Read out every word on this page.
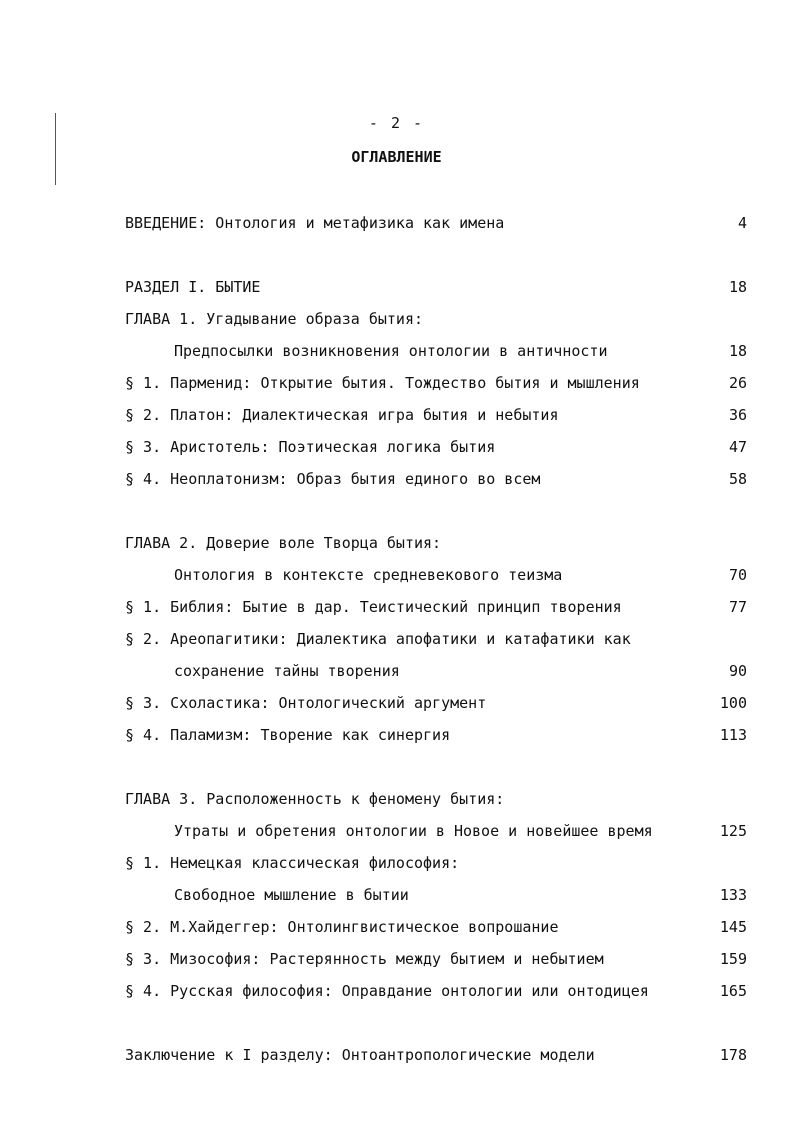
- 2 -
ОГЛАВЛЕНИЕ
ВВЕДЕНИЕ: Онтология и метафизика как имена	4
РАЗДЕЛ I. БЫТИЕ	18
ГЛАВА 1. Угадывание образа бытия:
Предпосылки возникновения онтологии в античности	18
§ 1. Парменид: Открытие бытия. Тождество бытия и мышления	26
§ 2. Платон: Диалектическая игра бытия и небытия	36
§ 3. Аристотель: Поэтическая логика бытия	47
§ 4. Неоплатонизм: Образ бытия единого во всем	58
ГЛАВА 2. Доверие воле Творца бытия:
Онтология в контексте средневекового теизма	70
§ 1. Библия: Бытие в дар. Теистический принцип творения	77
§ 2. Ареопагитики: Диалектика апофатики и катафатики как
сохранение тайны творения	90
§ 3. Схоластика: Онтологический аргумент	100
§ 4. Паламизм: Творение как синергия	113
ГЛАВА 3. Расположенность к феномену бытия:
Утраты и обретения онтологии в Новое и новейшее время	125
§ 1. Немецкая классическая философия:
Свободное мышление в бытии	133
§ 2. М.Хайдеггер: Онтолингвистическое вопрошание	145
§ 3. Мизософия: Растерянность между бытием и небытием	159
§ 4. Русская философия: Оправдание онтологии или онтодицея	165
Заключение к I разделу: Онтоантропологические модели	178
